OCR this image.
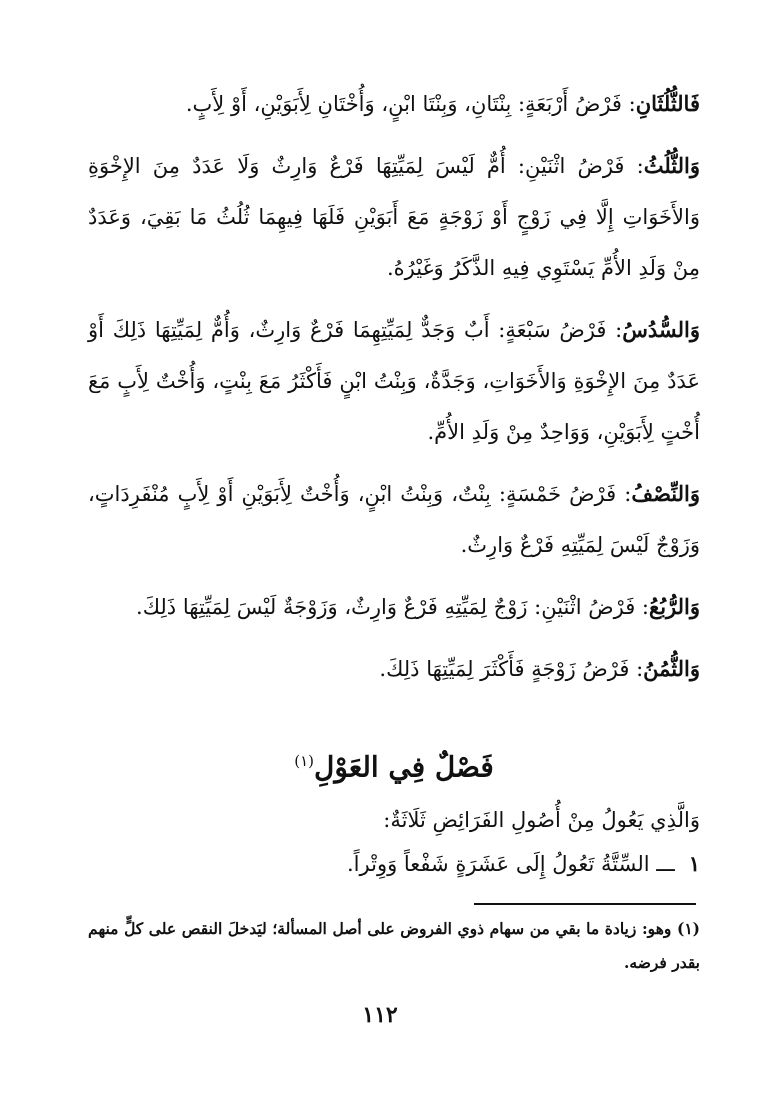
فَالثُّلُثَانِ: فَرْضُ أَرْبَعَةٍ: بِنْتَانِ، وَبِنْتَا ابْنٍ، وَأُخْتَانِ لِأَبَوَيْنِ، أَوْ لِأَبٍ.

وَالثُّلُثُ: فَرْضُ اثْنَيْنِ: أُمٌّ لَيْسَ لِمَيِّتِهَا فَرْعٌ وَارِثٌ وَلَا عَدَدٌ مِنَ الإِخْوَةِ وَالأَخَوَاتِ إِلَّا فِي زَوْجٍ أَوْ زَوْجَةٍ مَعَ أَبَوَيْنِ فَلَهَا فِيهِمَا ثُلُثُ مَا بَقِيَ، وَعَدَدٌ مِنْ وَلَدِ الأُمِّ يَسْتَوِي فِيهِ الذَّكَرُ وَغَيْرُهُ.

وَالسُّدُسُ: فَرْضُ سَبْعَةٍ: أَبٌ وَجَدٌّ لِمَيِّتِهِمَا فَرْعٌ وَارِثٌ، وَأُمٌّ لِمَيِّتِهَا ذَلِكَ أَوْ عَدَدٌ مِنَ الإِخْوَةِ وَالأَخَوَاتِ، وَجَدَّةٌ، وَبِنْتُ ابْنٍ فَأَكْثَرُ مَعَ بِنْتٍ، وَأُخْتٌ لِأَبٍ مَعَ أُخْتٍ لِأَبَوَيْنِ، وَوَاحِدٌ مِنْ وَلَدِ الأُمِّ.

وَالنِّصْفُ: فَرْضُ خَمْسَةٍ: بِنْتٌ، وَبِنْتُ ابْنٍ، وَأُخْتٌ لِأَبَوَيْنِ أَوْ لِأَبٍ مُنْفَرِدَاتٍ، وَزَوْجٌ لَيْسَ لِمَيِّتِهِ فَرْعٌ وَارِثٌ.

وَالرُّبُعُ: فَرْضُ اثْنَيْنِ: زَوْجٌ لِمَيِّتِهِ فَرْعٌ وَارِثٌ، وَزَوْجَةٌ لَيْسَ لِمَيِّتِهَا ذَلِكَ.

وَالثُّمُنُ: فَرْضُ زَوْجَةٍ فَأَكْثَرَ لِمَيِّتِهَا ذَلِكَ.

فَصْلٌ فِي العَوْلِ$^{(١)}$
وَالَّذِي يَعُولُ مِنْ أُصُولِ الفَرَائِضِ ثَلَاثَةٌ:
١ـــ السِّتَّةُ تَعُولُ إِلَى عَشَرَةٍ شَفْعاً وَوِتْراً.
(١) وهو: زيادة ما بقي من سهام ذوي الفروض على أصل المسألة؛ ليَدخلَ النقص على كلٍّ منهم بقدر فرضه.
١١٢
